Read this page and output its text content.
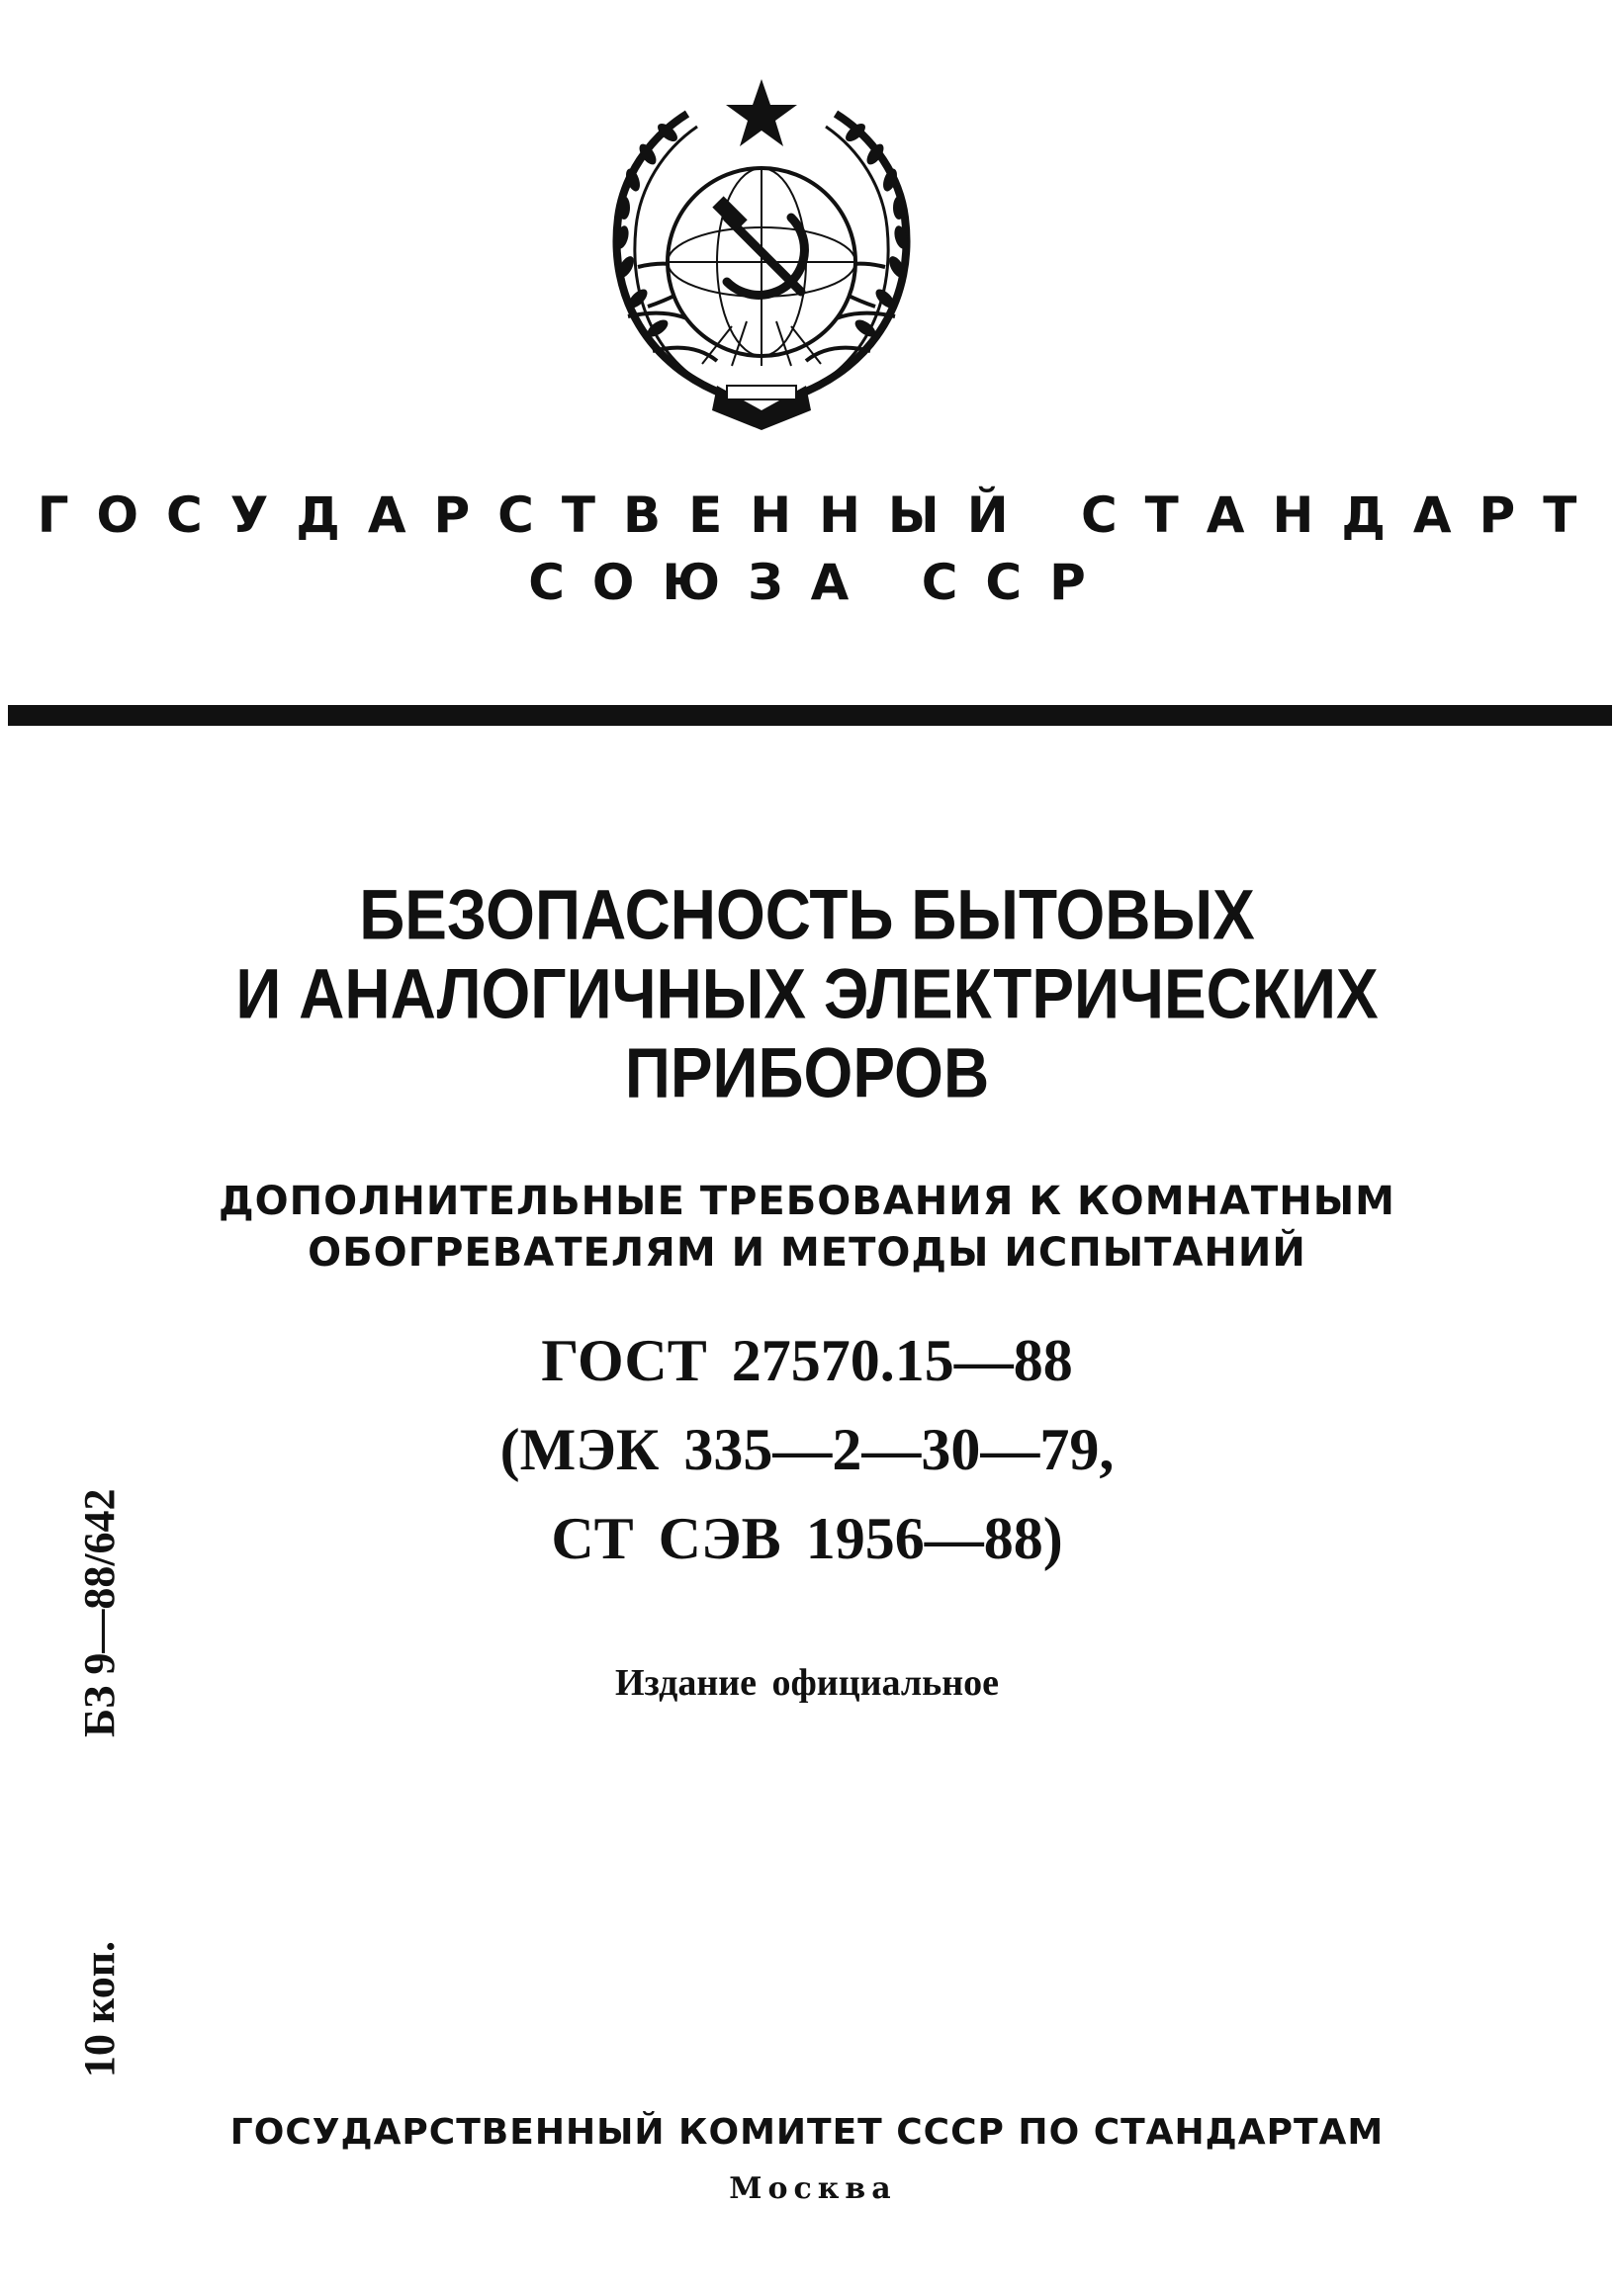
ГОСУДАРСТВЕННЫЙ СТАНДАРТ
СОЮЗА ССР
БЕЗОПАСНОСТЬ БЫТОВЫХ
И АНАЛОГИЧНЫХ ЭЛЕКТРИЧЕСКИХ
ПРИБОРОВ
ДОПОЛНИТЕЛЬНЫЕ ТРЕБОВАНИЯ К КОМНАТНЫМ
ОБОГРЕВАТЕЛЯМ И МЕТОДЫ ИСПЫТАНИЙ
ГОСТ 27570.15—88
(МЭК 335—2—30—79,
СТ СЭВ 1956—88)
Издание официальное
БЗ 9—88/642
10 коп.
ГОСУДАРСТВЕННЫЙ КОМИТЕТ СССР ПО СТАНДАРТАМ
Москва
